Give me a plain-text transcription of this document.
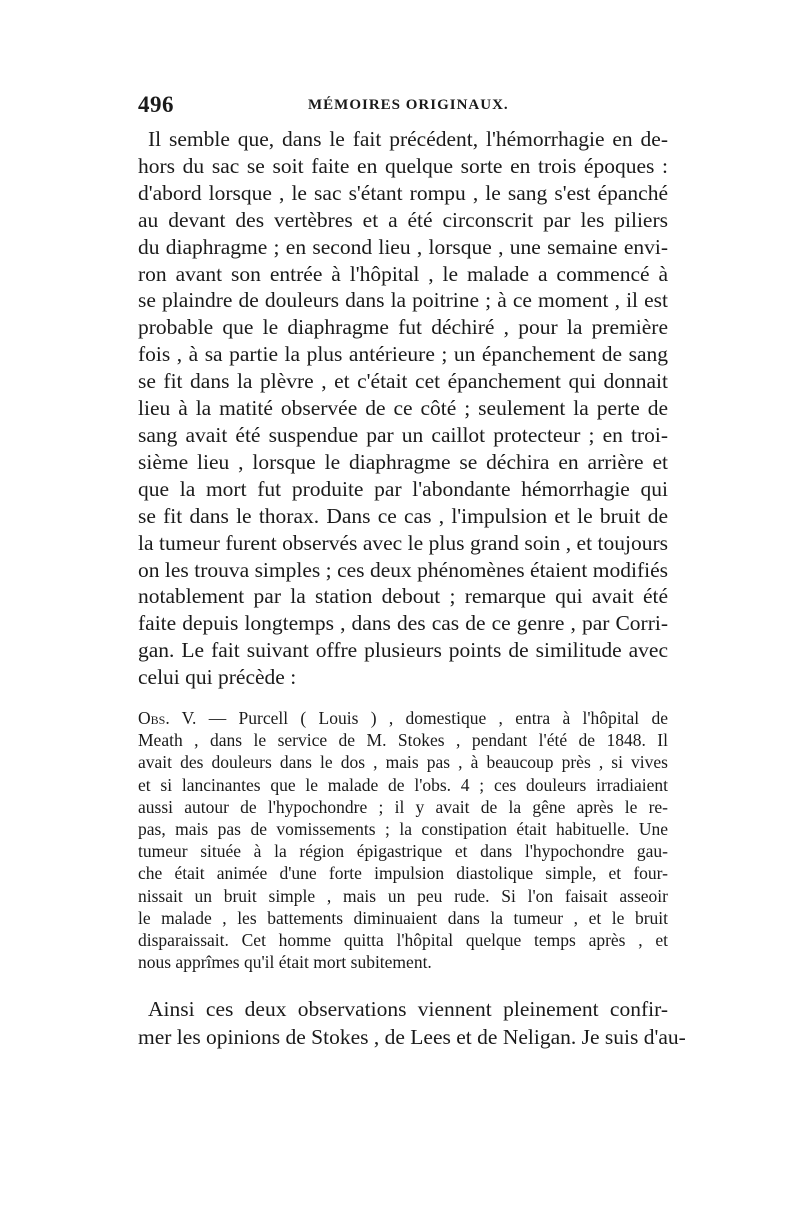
496	MÉMOIRES ORIGINAUX.
Il semble que, dans le fait précédent, l'hémorrhagie en de-
hors du sac se soit faite en quelque sorte en trois époques :
d'abord lorsque , le sac s'étant rompu , le sang s'est épanché
au devant des vertèbres et a été circonscrit par les piliers
du diaphragme ; en second lieu , lorsque , une semaine envi-
ron avant son entrée à l'hôpital , le malade a commencé à
se plaindre de douleurs dans la poitrine ; à ce moment , il est
probable que le diaphragme fut déchiré , pour la première
fois , à sa partie la plus antérieure ; un épanchement de sang
se fit dans la plèvre , et c'était cet épanchement qui donnait
lieu à la matité observée de ce côté ; seulement la perte de
sang avait été suspendue par un caillot protecteur ; en troi-
sième lieu , lorsque le diaphragme se déchira en arrière et
que la mort fut produite par l'abondante hémorrhagie qui
se fit dans le thorax. Dans ce cas , l'impulsion et le bruit de
la tumeur furent observés avec le plus grand soin , et toujours
on les trouva simples ; ces deux phénomènes étaient modifiés
notablement par la station debout ; remarque qui avait été
faite depuis longtemps , dans des cas de ce genre , par Corri-
gan. Le fait suivant offre plusieurs points de similitude avec
celui qui précède :
Obs. V. — Purcell ( Louis ) , domestique , entra à l'hôpital de
Meath , dans le service de M. Stokes , pendant l'été de 1848. Il
avait des douleurs dans le dos , mais pas , à beaucoup près , si vives
et si lancinantes que le malade de l'obs. 4 ; ces douleurs irradiaient
aussi autour de l'hypochondre ; il y avait de la gêne après le re-
pas, mais pas de vomissements ; la constipation était habituelle. Une
tumeur située à la région épigastrique et dans l'hypochondre gau-
che était animée d'une forte impulsion diastolique simple, et four-
nissait un bruit simple , mais un peu rude. Si l'on faisait asseoir
le malade , les battements diminuaient dans la tumeur , et le bruit
disparaissait. Cet homme quitta l'hôpital quelque temps après , et
nous apprîmes qu'il était mort subitement.
Ainsi ces deux observations viennent pleinement confir-
mer les opinions de Stokes , de Lees et de Neligan. Je suis d'au-
